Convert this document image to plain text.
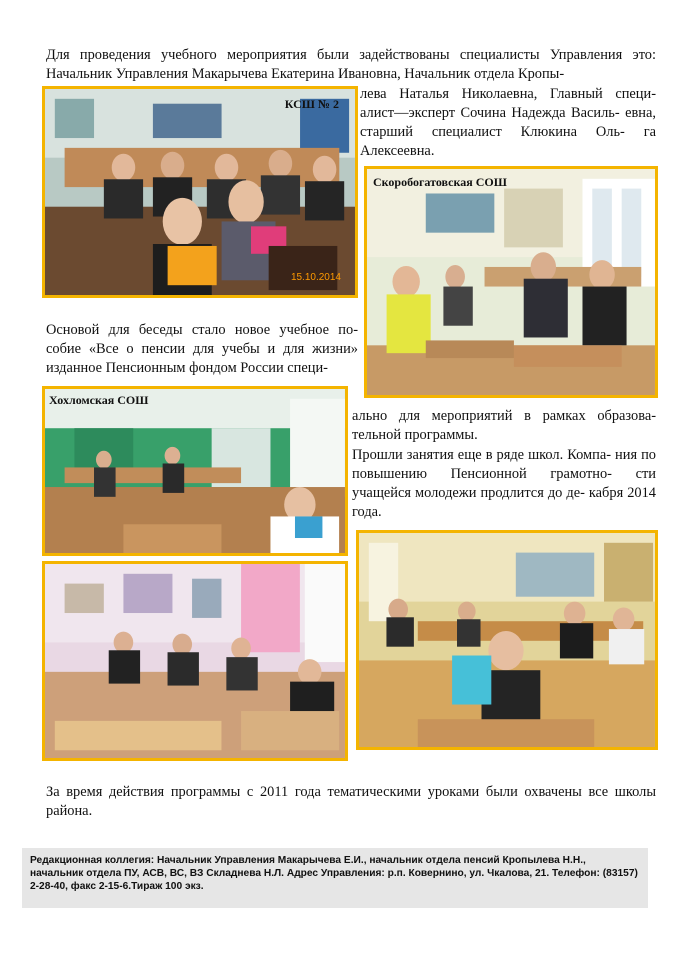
Для проведения учебного мероприятия были задействованы специалисты Управления это: Начальник Управления Макарычева Екатерина Ивановна, Начальник отдела Кропы-
лева Наталья Николаевна, Главный специ- алист—эксперт Сочина Надежда Василь- евна, старший специалист Клюкина Оль- га Алексеевна.
КСШ № 2
15.10.2014
Скоробогатовская СОШ
Основой для беседы стало новое учебное по- собие «Все о пенсии для учебы и для жизни» изданное Пенсионным фондом России специ-
Хохломская СОШ
ально для мероприятий в рамках образова- тельной программы.
Прошли занятия еще в ряде школ. Компа- ния по повышению Пенсионной грамотно- сти учащейся молодежи продлится до де- кабря 2014 года.
За время действия программы с 2011 года тематическими уроками были охвачены все школы района.
Редакционная коллегия: Начальник Управления Макарычева Е.И., начальник отдела пенсий Кропылева Н.Н., начальник отдела ПУ, АСВ, ВС, ВЗ Складнева Н.Л. Адрес Управления: р.п. Ковернино, ул. Чкалова, 21. Телефон: (83157) 2-28-40, факс 2-15-6.Тираж 100 экз.
